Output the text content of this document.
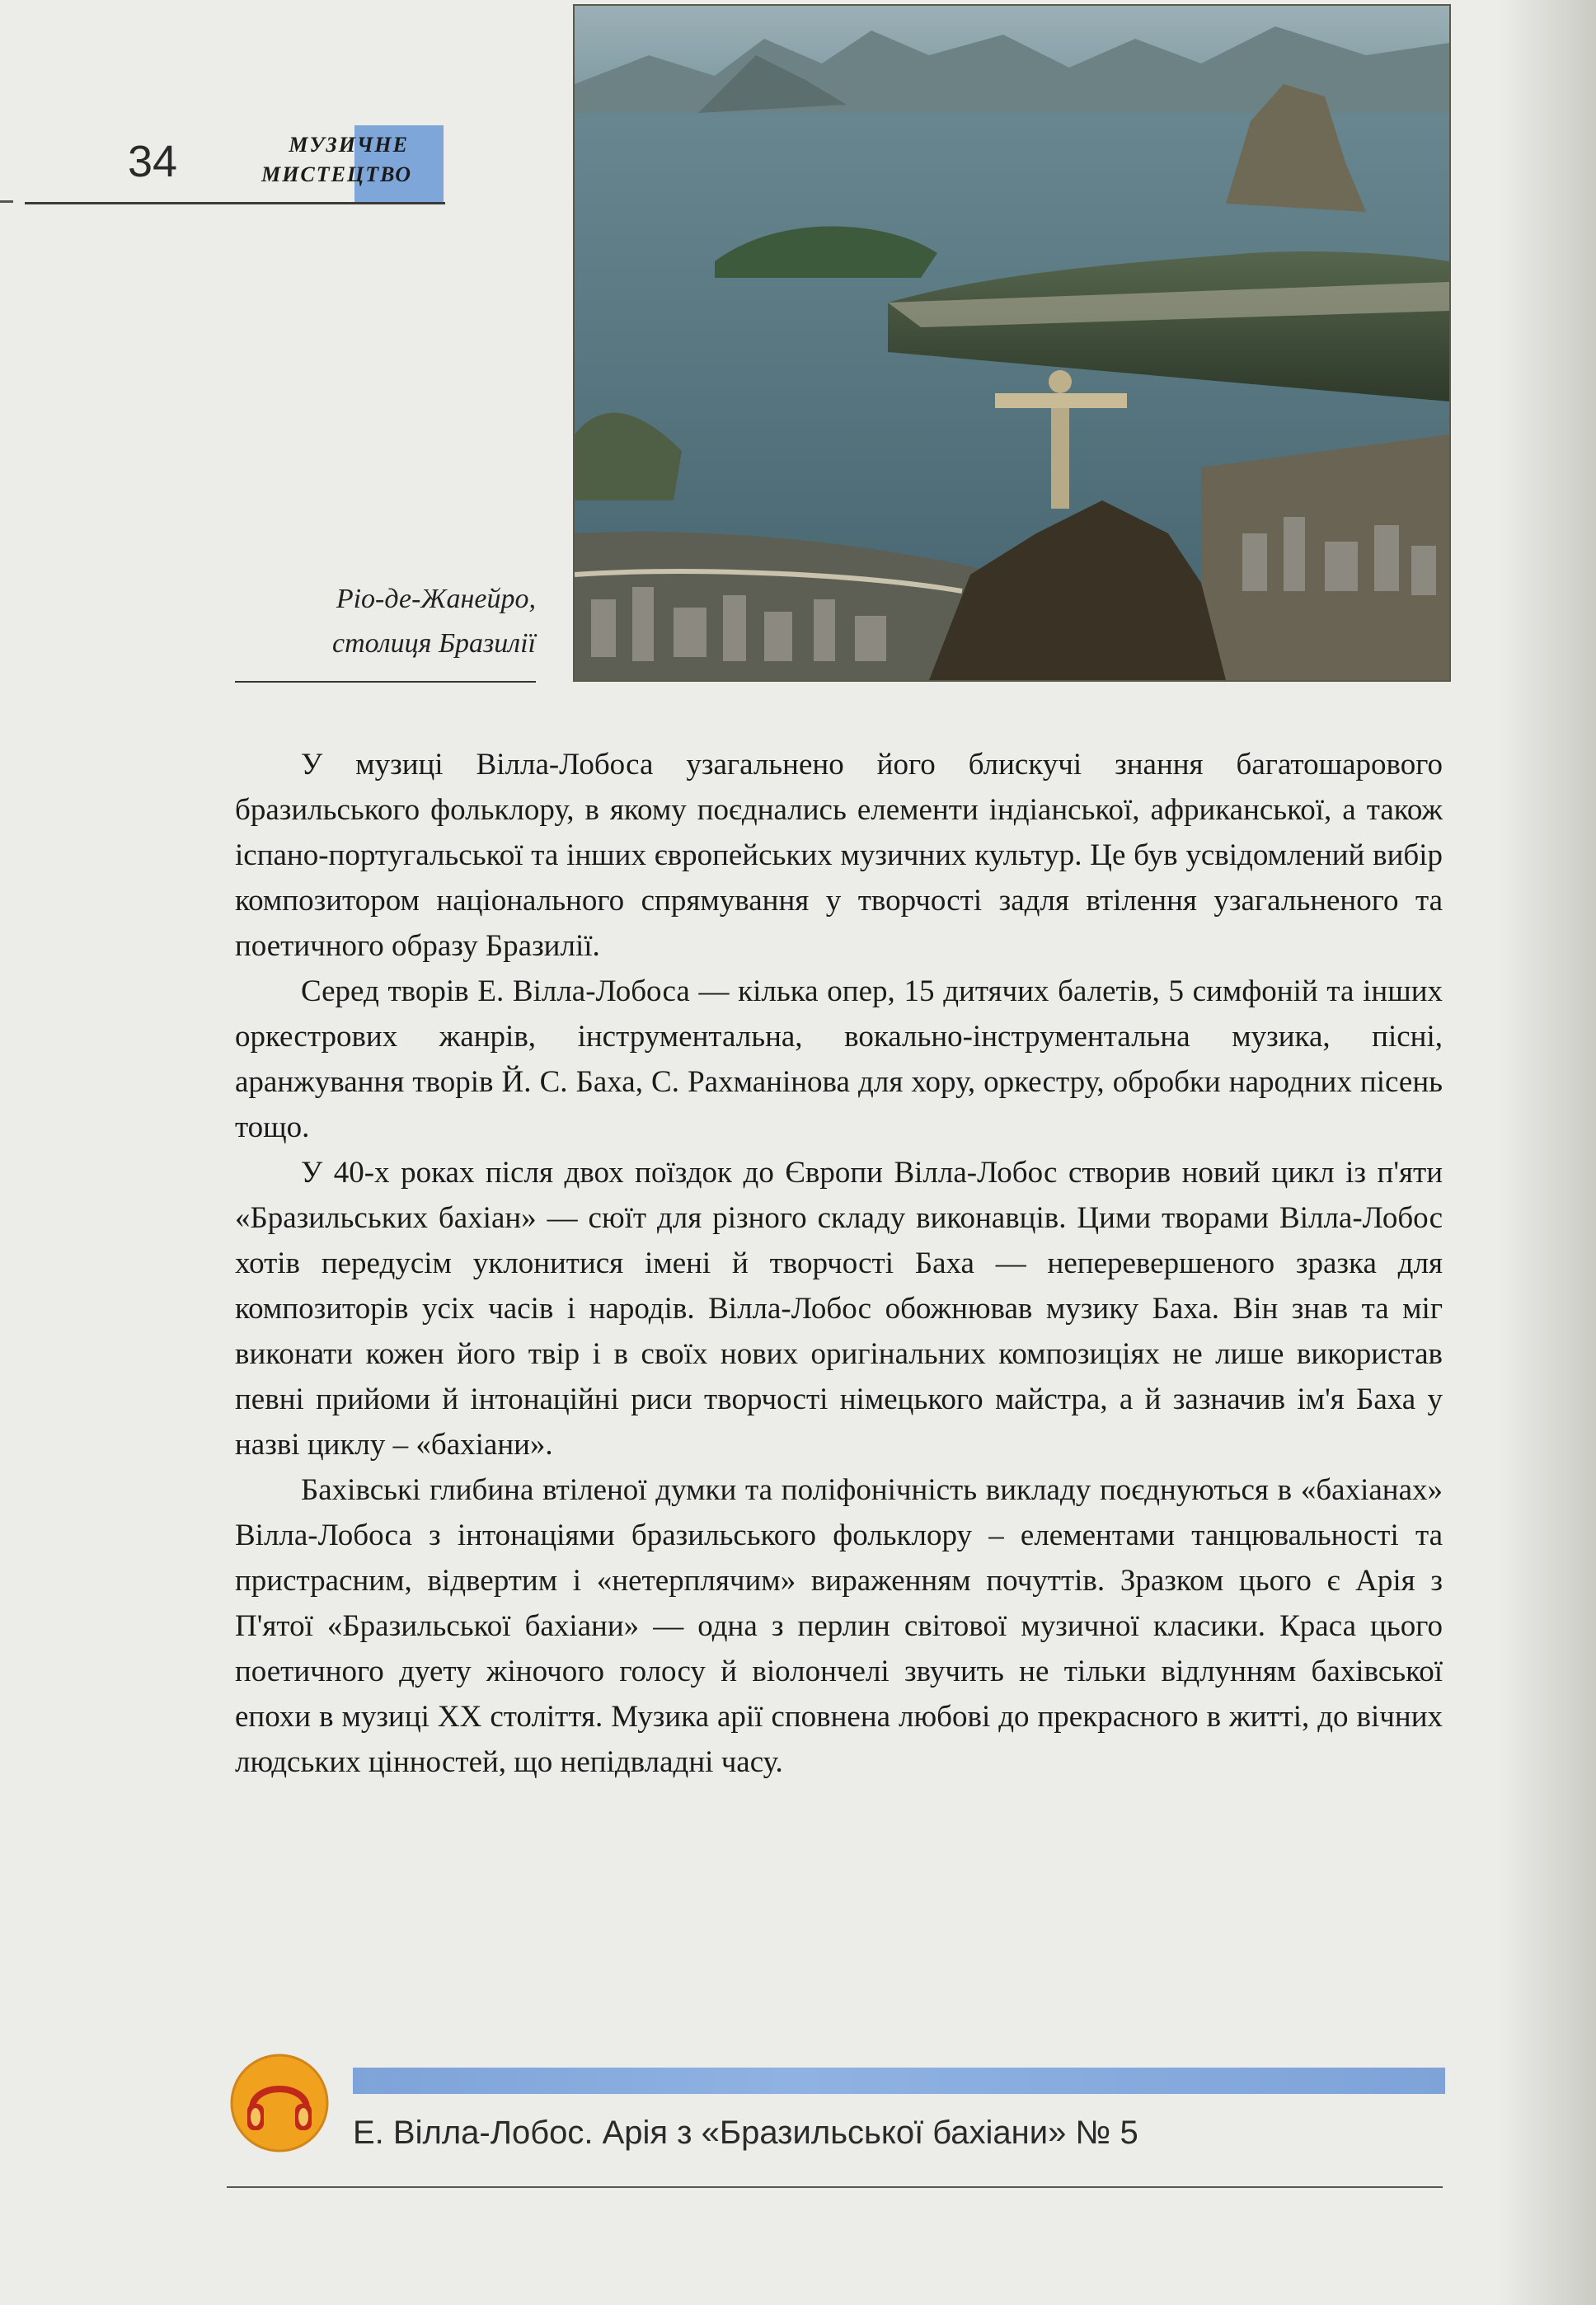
34	МУЗИЧНЕ
МИСТЕЦТВО
Ріо-де-Жанейро,
столиця Бразилії

У музиці Вілла-Лобоса узагальнено його блискучі знання багатошарового бразильського фольклору, в якому поєднались елементи індіанської, африканської, а також іспано-португальської та інших європейських музичних культур. Це був усвідомлений вибір композитором національного спрямування у творчості задля втілення узагальненого та поетичного образу Бразилії.

Серед творів Е. Вілла-Лобоса — кілька опер, 15 дитячих балетів, 5 симфоній та інших оркестрових жанрів, інструментальна, вокально-інструментальна музика, пісні, аранжування творів Й. С. Баха, С. Рахманінова для хору, оркестру, обробки народних пісень тощо.

У 40-х роках після двох поїздок до Європи Вілла-Лобос створив новий цикл із п'яти «Бразильських бахіан» — сюїт для різного складу виконавців. Цими творами Вілла-Лобос хотів передусім уклонитися імені й творчості Баха — неперевершеного зразка для композиторів усіх часів і народів. Вілла-Лобос обожнював музику Баха. Він знав та міг виконати кожен його твір і в своїх нових оригінальних композиціях не лише використав певні прийоми й інтонаційні риси творчості німецького майстра, а й зазначив ім'я Баха у назві циклу – «бахіани».

Бахівські глибина втіленої думки та поліфонічність викладу поєднуються в «бахіанах» Вілла-Лобоса з інтонаціями бразильського фольклору – елементами танцювальності та пристрасним, відвертим і «нетерплячим» вираженням почуттів. Зразком цього є Арія з П'ятої «Бразильської бахіани» — одна з перлин світової музичної класики. Краса цього поетичного дуету жіночого голосу й віолончелі звучить не тільки відлунням бахівської епохи в музиці XX століття. Музика арії сповнена любові до прекрасного в житті, до вічних людських цінностей, що непідвладні часу.

Е. Вілла-Лобос. Арія з «Бразильської бахіани» № 5
